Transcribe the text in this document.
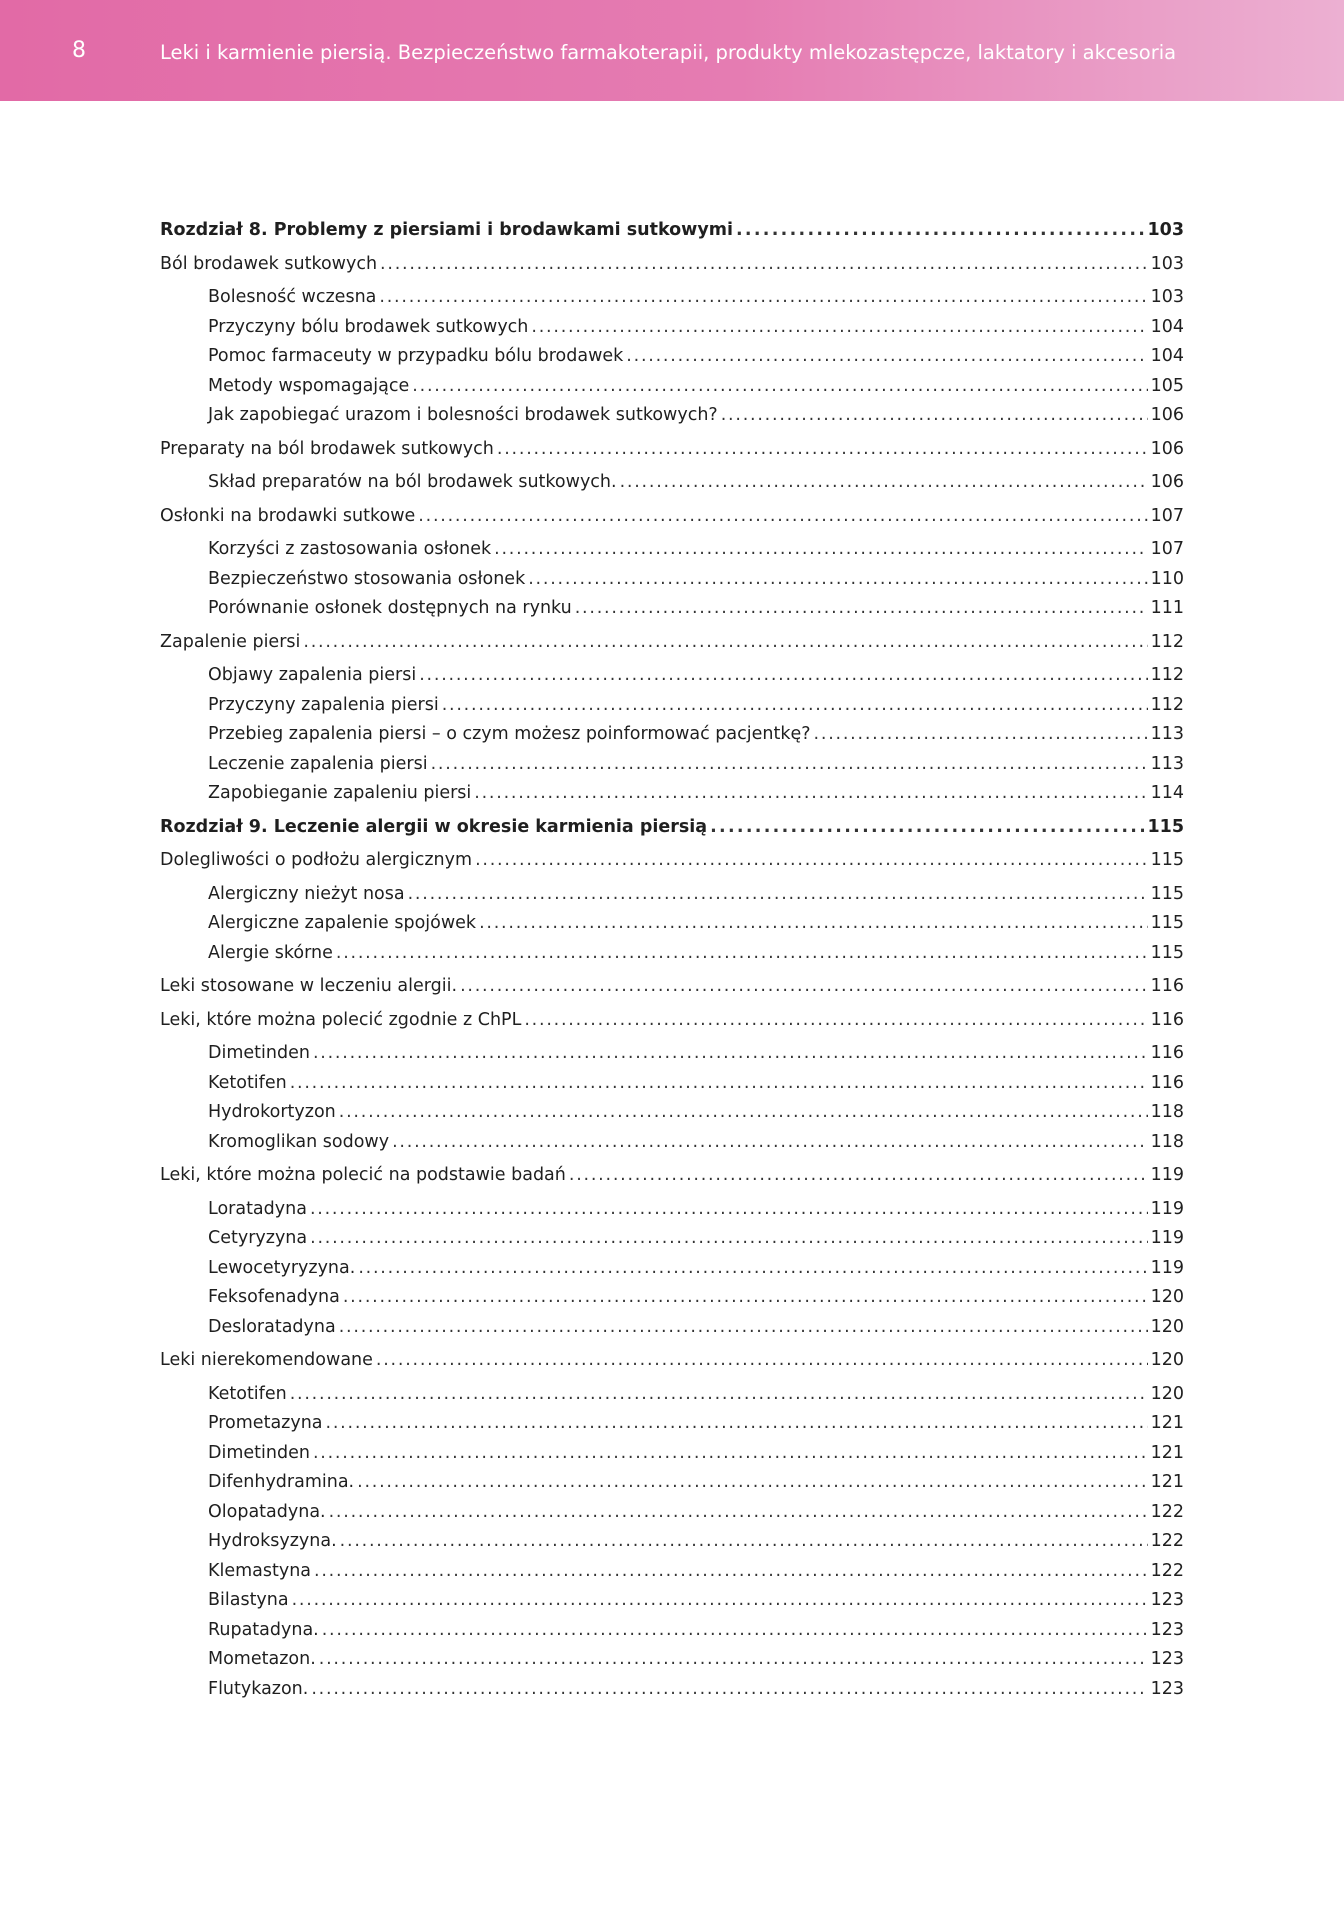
8	Leki i karmienie piersią. Bezpieczeństwo farmakoterapii, produkty mlekozastępcze, laktatory i akcesoria
Rozdział 8. Problemy z piersiami i brodawkami sutkowymi . . .	103
Ból brodawek sutkowych . . .	103
Bolesność wczesna . . .	103
Przyczyny bólu brodawek sutkowych . . .	104
Pomoc farmaceuty w przypadku bólu brodawek . . .	104
Metody wspomagające . . .	105
Jak zapobiegać urazom i bolesności brodawek sutkowych? . . .	106
Preparaty na ból brodawek sutkowych . . .	106
Skład preparatów na ból brodawek sutkowych. . . .	106
Osłonki na brodawki sutkowe . . .	107
Korzyści z zastosowania osłonek . . .	107
Bezpieczeństwo stosowania osłonek . . .	110
Porównanie osłonek dostępnych na rynku . . .	111
Zapalenie piersi . . .	112
Objawy zapalenia piersi . . .	112
Przyczyny zapalenia piersi . . .	112
Przebieg zapalenia piersi – o czym możesz poinformować pacjentkę? . . .	113
Leczenie zapalenia piersi . . .	113
Zapobieganie zapaleniu piersi . . .	114
Rozdział 9. Leczenie alergii w okresie karmienia piersią . . .	115
Dolegliwości o podłożu alergicznym . . .	115
Alergiczny nieżyt nosa . . .	115
Alergiczne zapalenie spojówek . . .	115
Alergie skórne . . .	115
Leki stosowane w leczeniu alergii. . . .	116
Leki, które można polecić zgodnie z ChPL . . .	116
Dimetinden . . .	116
Ketotifen . . .	116
Hydrokortyzon . . .	118
Kromoglikan sodowy . . .	118
Leki, które można polecić na podstawie badań . . .	119
Loratadyna . . .	119
Cetyryzyna . . .	119
Lewocetyryzyna. . . .	119
Feksofenadyna . . .	120
Desloratadyna . . .	120
Leki nierekomendowane . . .	120
Ketotifen . . .	120
Prometazyna . . .	121
Dimetinden . . .	121
Difenhydramina. . . .	121
Olopatadyna. . . .	122
Hydroksyzyna. . . .	122
Klemastyna . . .	122
Bilastyna . . .	123
Rupatadyna. . . .	123
Mometazon. . . .	123
Flutykazon. . . .	123
